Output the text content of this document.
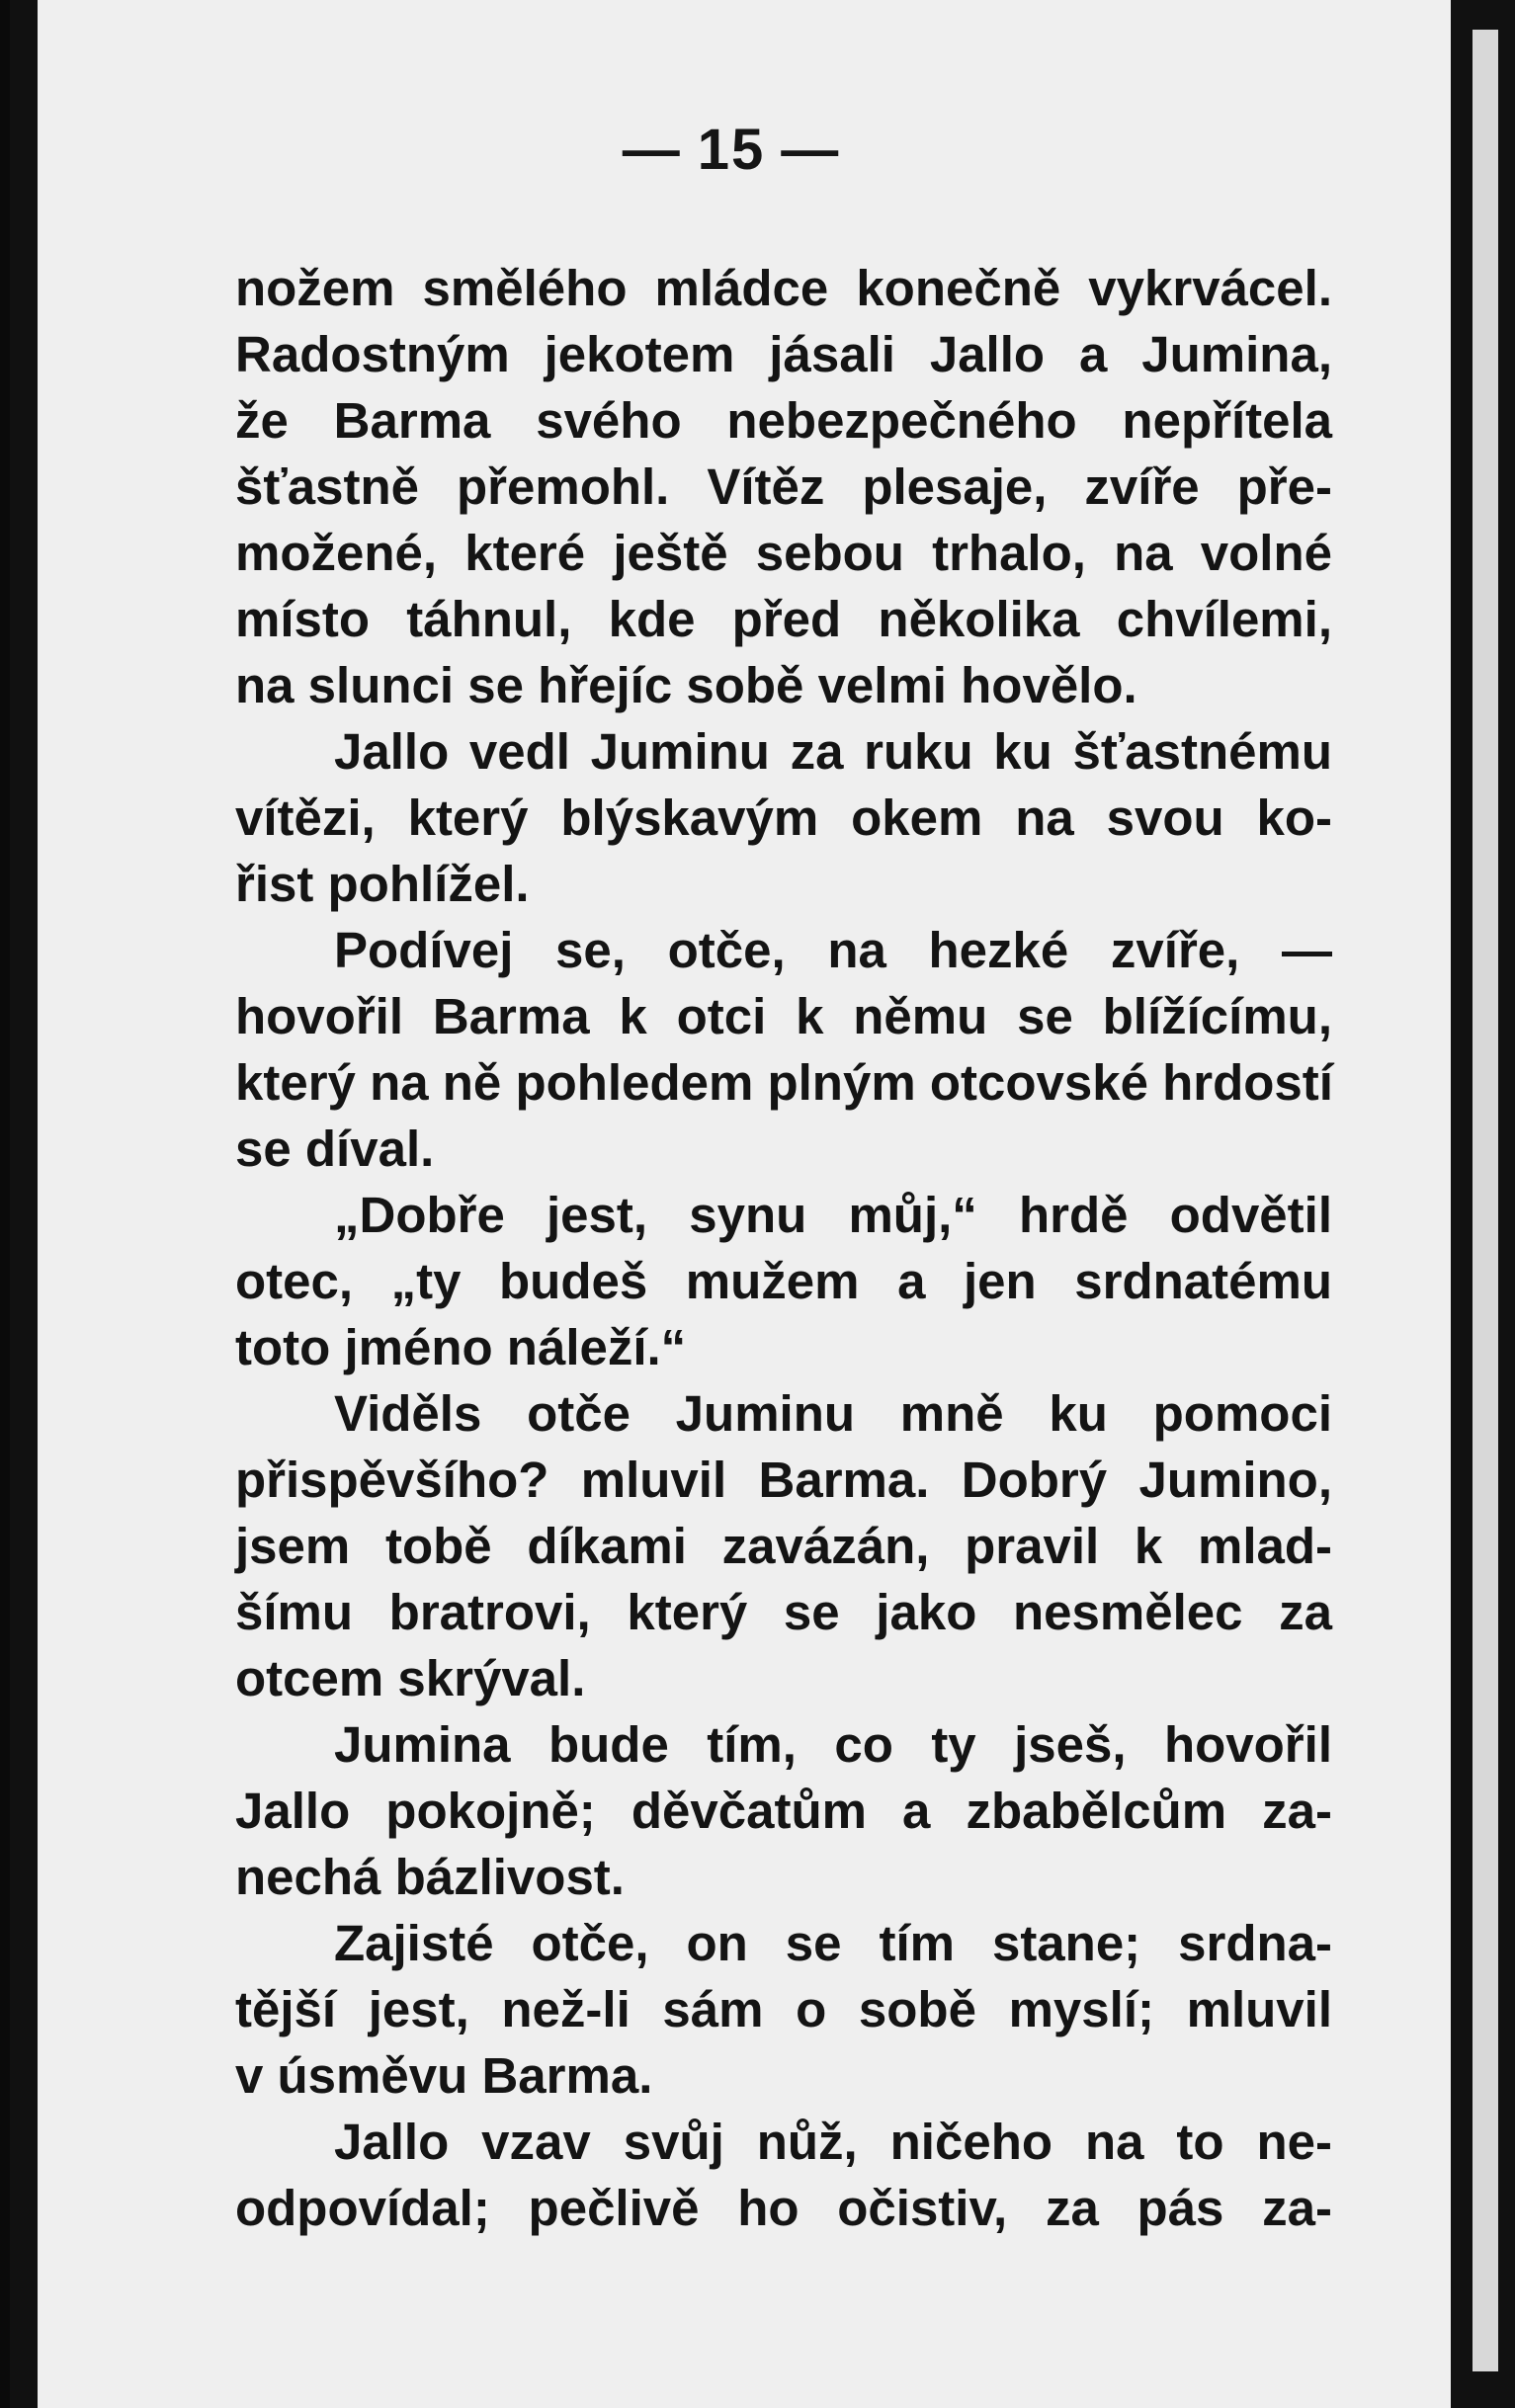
— 15 —
nožem smělého mládce konečně vykrvácel.
Radostným jekotem jásali Jallo a Jumina,
že Barma svého nebezpečného nepřítela
šťastně přemohl. Vítěz plesaje, zvíře pře-
možené, které ještě sebou trhalo, na volné
místo táhnul, kde před několika chvílemi,
na slunci se hřejíc sobě velmi hovělo.
Jallo vedl Juminu za ruku ku šťastnému
vítězi, který blýskavým okem na svou ko-
řist pohlížel.
Podívej se, otče, na hezké zvíře, —
hovořil Barma k otci k němu se blížícímu,
který na ně pohledem plným otcovské hrdostí
se díval.
„Dobře jest, synu můj,“ hrdě odvětil
otec, „ty budeš mužem a jen srdnatému
toto jméno náleží.“
Viděls otče Juminu mně ku pomoci
přispěvšího? mluvil Barma. Dobrý Jumino,
jsem tobě díkami zavázán, pravil k mlad-
šímu bratrovi, který se jako nesmělec za
otcem skrýval.
Jumina bude tím, co ty jseš, hovořil
Jallo pokojně; děvčatům a zbabělcům za-
nechá bázlivost.
Zajisté otče, on se tím stane; srdna-
tější jest, než-li sám o sobě myslí; mluvil
v úsměvu Barma.
Jallo vzav svůj nůž, ničeho na to ne-
odpovídal; pečlivě ho očistiv, za pás za-
